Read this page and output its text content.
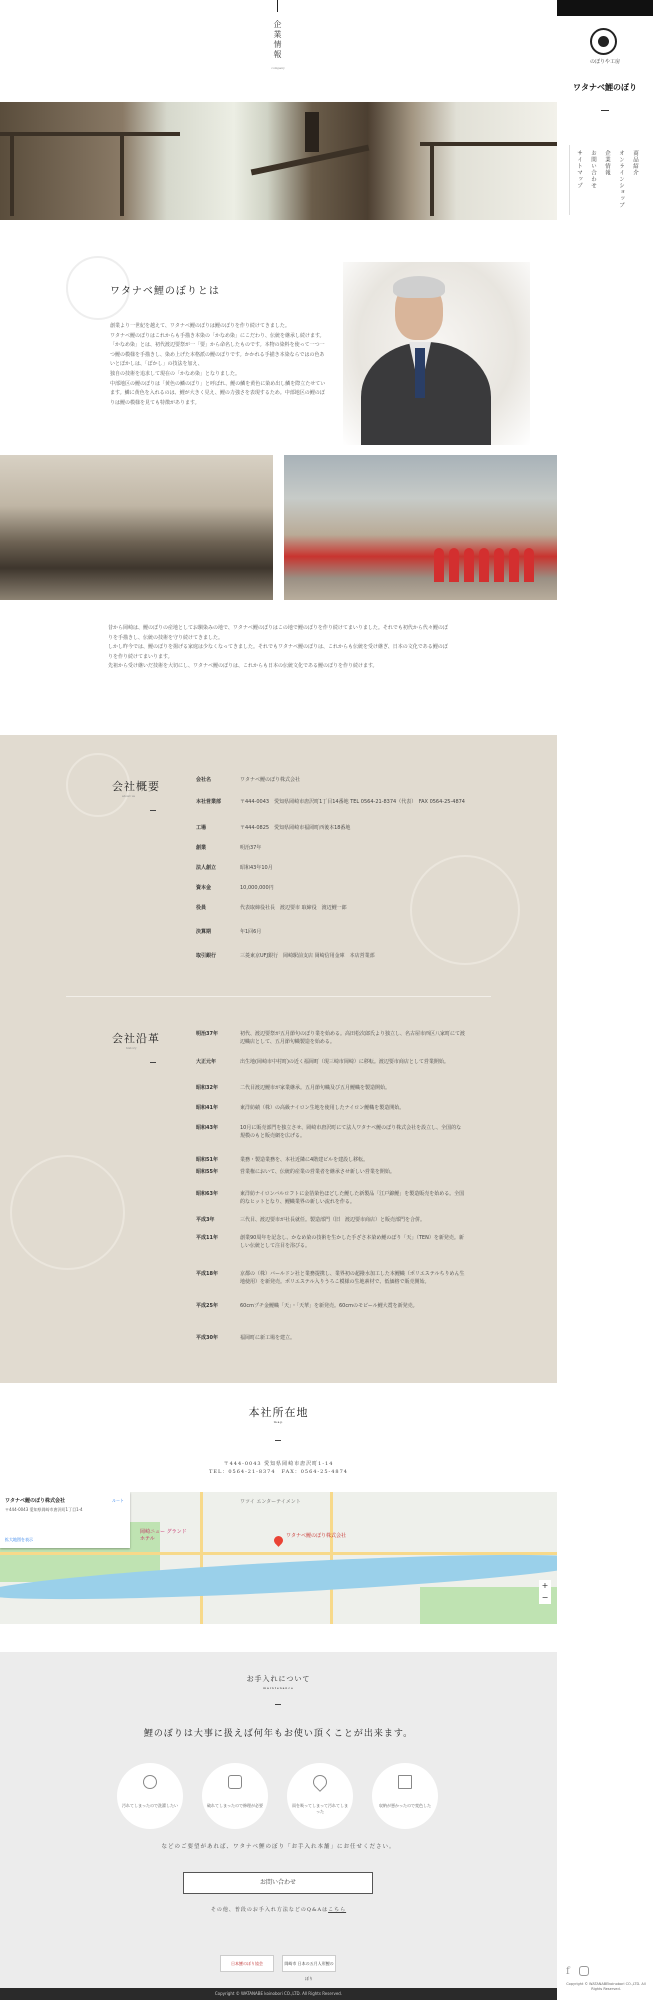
企業情報
company
ワタナベ鯉のぼりとは

創業より一世紀を越えて、ワタナベ鯉のぼりは鯉のぼりを作り続けてきました。

ワタナベ鯉のぼりはこれからも手描き本染の「かなめ染」にこだわり、伝統を継承し続けます。

「かなめ染」とは、初代渡辺要祭が一「要」から命名したものです。本物の染料を使って一つ一つ鯉の模様を手描きし、染め上げた本格派の鯉のぼりです。かかれる手描き本染ならではの色あいとぼかしは、「ぼかし」の技法を加え、

独自の技術を追求して現在の「かなめ染」となりました。

中部地区の鯉のぼりは「黄色の鱗のぼり」と呼ばれ、鯉の鱗を黄色に染め出し鱗を際立たせています。鱗に黄色を入れるのは、鯉が大きく見え、鯉の力強さを表現するため。中部地区の鯉のぼりは鯉の模様を見ても特徴があります。

昔から岡崎は、鯉のぼりの産地としてお馴染みの地で、ワタナベ鯉のぼりはこの地で鯉のぼりを作り続けてまいりました。それでも初代から代々鯉のぼりを手描きし、伝統の技術を守り続けてきました。

しかし昨今では、鯉のぼりを揚げる家庭は少なくなってきました。それでもワタナベ鯉のぼりは、これからも伝統を受け継ぎ、日本の文化である鯉のぼりを作り続けてまいります。

先祖から受け継いだ技術を大切にし、ワタナベ鯉のぼりは、これからも日本の伝統文化である鯉のぼりを作り続けます。

会社概要
about us
会社名	ワタナベ鯉のぼり株式会社
本社営業部	〒444-0043　愛知県岡崎市唐沢町1丁目14番地 TEL 0564-21-8374（代表）　FAX 0564-25-4874
工場	〒444-0825　愛知県岡崎市福岡町西後本18番地
創業	明治37年
法人創立	昭和43年10月
資本金	10,000,000円
役員	代表取締役社長　渡辺要市 取締役　渡辺鯉一郎
決算期	年1回6月
取引銀行	三菱東京UFJ銀行　岡崎駅前支店 岡崎信用金庫　本店営業部
会社沿革
history
明治37年	初代、渡辺要祭が五月節句のぼり業を始める。高田松次郎氏より独立し、名古屋市西区八家町にて渡辺幟店として、五月節句幟製造を始める。
大正元年	出生地(岡崎市中村町)の近く福岡町（現三崎市岡崎）に移転。渡辺要市商店として営業開始。
昭和32年	二代目渡辺鯉市が家業継承。五月節句幟及び五月鯉幟を製造開始。
昭和41年	東洋紡績（株）の高級ナイロン生地を使用したナイロン鯉幟を製造開始。
昭和43年	10月に販売部門を独立させ、岡崎市唐沢町にて法人ワタナベ鯉のぼり株式会社を設立し、全国的な規模のもと販売網を広げる。
昭和51年	業務・製造業務を、本社近隣に4階建ビルを建設し移転。
昭和55年	営業権において、伝統的産業の営業者を継承させ新しい営業を開始。
昭和63年	東洋紡ナイロンバルロフトに金箔染色ほどした鯉した新製品「江戸錦鯉」を製造販売を始める。全国的なヒットとなり、鯉幟業界の新しい流れを作る。
平成3年	三代目、渡辺要市が社長就任。製造部門（旧　渡辺要市商店）と販売部門を合併。
平成11年	創業90周年を記念し、かなめ染の技術を生かした手ざさ本染め鯉のぼり「天」（TEN）を新発売。新しい伝統として注目を浴びる。
平成18年	京都の（株）バールドン社と業務提携し、業界初の超撥水加工した本鯉幟（ポリエステルちりめん生地使用）を新発売。ポリエステル入りうろこ模様の生地素材で、低価格で販売開始。
平成25年	60cmプチ金鯉幟「天」・「天華」を新発売。60cmのモビール鯉大賞を新発売。
平成30年	福岡町に新工場を建立。
本社所在地
map
〒444-0043 愛知県岡崎市唐沢町1-14
TEL：0564-21-8374　FAX：0564-25-4874
ワタナベ鯉のぼり株式会社
〒444-0043 愛知県岡崎市唐沢町1丁目1-4
ルート
拡大地図を表示
ワタナベ鯉のぼり株式会社
ワツイ エンターテイメント
岡崎ニュー グランドホテル
+
−
お手入れについて
maintenance
鯉のぼりは大事に扱えば何年もお使い頂くことが出来ます。
汚れてしまったので洗濯したい	破れてしまったので修理が必要	雨を吸ってしまって汚れてしまった
収納が悪かったので変色した
などのご要望があれば、ワタナベ鯉のぼり「お手入れ本舗」にお任せください。
お問い合わせ
その他、普段のお手入れ方法などのQ&Aはこちら
日本鯉のぼり協会	岡崎市 日本の五月人形鯉のぼり
Copyright © WATANABE koinobori CO.,LTD. All Rights Reserved.
のぼりや工房
ワタナベ鯉のぼり
商品紹介
オンラインショップ
企業情報
お問い合わせ
サイトマップ
f
Copyright © WATANABEkoinobori CO.,LTD. All Rights Reserved.
